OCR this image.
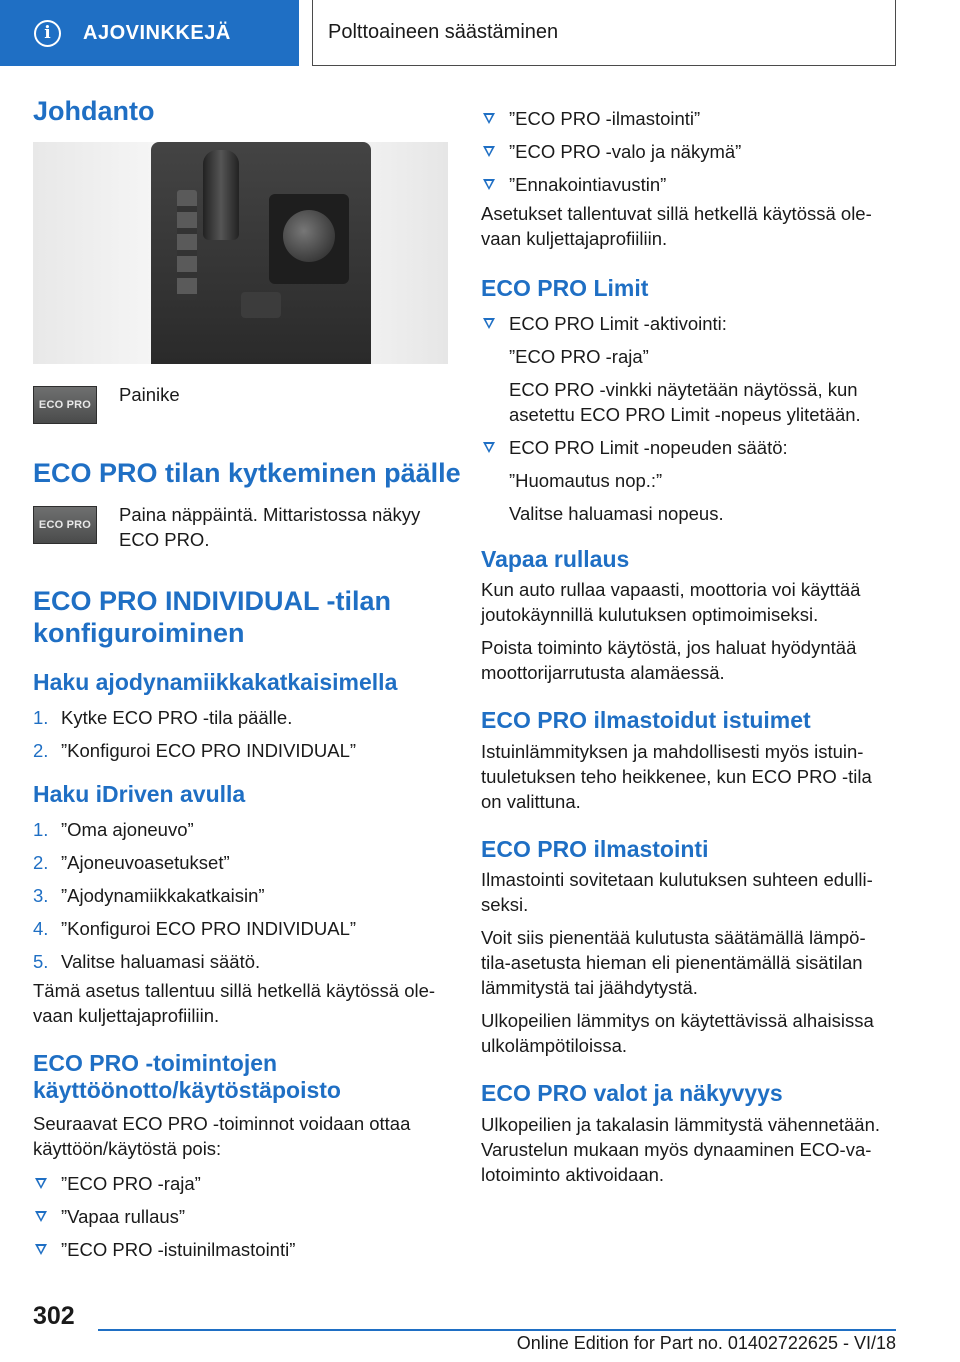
i AJOVINKKEJÄ	Polttoaineen säästäminen
Johdanto
ECO PRO Painike

ECO PRO tilan kytkeminen päälle
ECO PRO Paina näppäintä. Mittaristossa näkyy ECO PRO.

ECO PRO INDIVIDUAL -tilan konfiguroiminen
Haku ajodynamiikkakatkaisimella
1. Kytke ECO PRO -tila päälle.
2. ”Konfiguroi ECO PRO INDIVIDUAL”
Haku iDriven avulla
1. ”Oma ajoneuvo”
2. ”Ajoneuvoasetukset”
3. ”Ajodynamiikkakatkaisin”
4. ”Konfiguroi ECO PRO INDIVIDUAL”
5. Valitse haluamasi säätö.

Tämä asetus tallentuu sillä hetkellä käytössä ole-vaan kuljettajaprofiiliin.

ECO PRO -toimintojen käyttöönotto/käytöstäpoisto

Seuraavat ECO PRO -toiminnot voidaan ottaa käyttöön/käytöstä pois:

”ECO PRO -raja”
”Vapaa rullaus”
”ECO PRO -istuinilmastointi”
”ECO PRO -ilmastointi”
”ECO PRO -valo ja näkymä”
”Ennakointiavustin”

Asetukset tallentuvat sillä hetkellä käytössä ole-vaan kuljettajaprofiiliin.

ECO PRO Limit
ECO PRO Limit -aktivointi:
”ECO PRO -raja”
ECO PRO -vinkki näytetään näytössä, kun asetettu ECO PRO Limit -nopeus ylitetään.
ECO PRO Limit -nopeuden säätö:
”Huomautus nop.:”
Valitse haluamasi nopeus.
Vapaa rullaus

Kun auto rullaa vapaasti, moottoria voi käyttää joutokäynnillä kulutuksen optimoimiseksi.

Poista toiminto käytöstä, jos haluat hyödyntää moottorijarrutusta alamäessä.

ECO PRO ilmastoidut istuimet

Istuinlämmityksen ja mahdollisesti myös istuin-tuuletuksen teho heikkenee, kun ECO PRO -tila on valittuna.

ECO PRO ilmastointi

Ilmastointi sovitetaan kulutuksen suhteen edulli-seksi.

Voit siis pienentää kulutusta säätämällä lämpö-tila-asetusta hieman eli pienentämällä sisätilan lämmitystä tai jäähdytystä.

Ulkopeilien lämmitys on käytettävissä alhaisissa ulkolämpötiloissa.

ECO PRO valot ja näkyvyys

Ulkopeilien ja takalasin lämmitystä vähennetään. Varustelun mukaan myös dynaaminen ECO-va-lotoiminto aktivoidaan.

302
Online Edition for Part no. 01402722625 - VI/18
